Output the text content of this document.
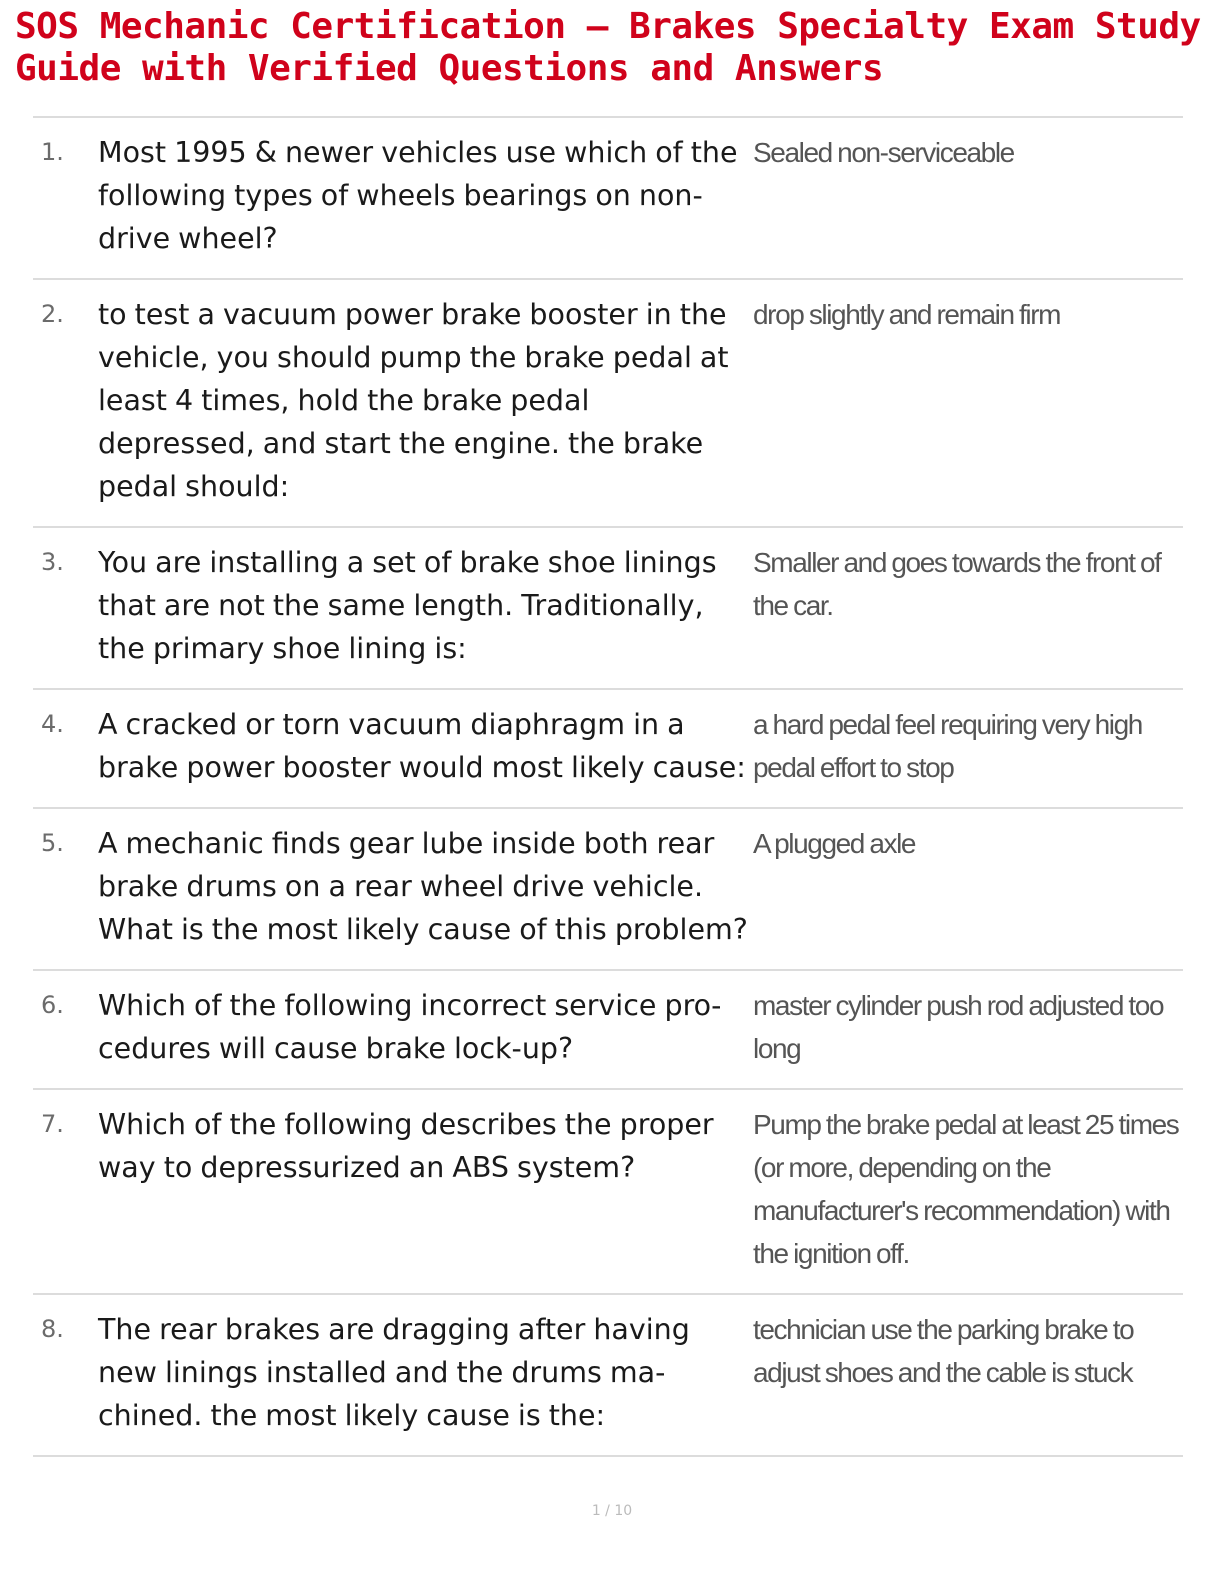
SOS Mechanic Certification – Brakes Specialty Exam Study Guide with Verified Questions and Answers
1.	Most 1995 & newer vehicles use which of the following types of wheels bearings on non-drive wheel?
Sealed non-serviceable
2.	to test a vacuum power brake booster in the vehicle, you should pump the brake pedal at least 4 times, hold the brake pedal depressed, and start the engine. the brake pedal should:
drop slightly and remain firm
3.	You are installing a set of brake shoe linings that are not the same length. Traditionally, the primary shoe lining is:
Smaller and goes towards the front of the car.
4.	A cracked or torn vacuum diaphragm in a brake power booster would most likely cause:
a hard pedal feel requiring very high pedal effort to stop
5.	A mechanic finds gear lube inside both rear brake drums on a rear wheel drive vehicle. What is the most likely cause of this problem?
A plugged axle
6.	Which of the following incorrect service procedures will cause brake lock-up?
master cylinder push rod adjusted too long
7.	Which of the following describes the proper way to depressurized an ABS system?
Pump the brake pedal at least 25 times (or more, depending on the manufacturer's recommendation) with the ignition off.
8.	The rear brakes are dragging after having new linings installed and the drums machined. the most likely cause is the:
technician use the parking brake to adjust shoes and the cable is stuck
1 / 10
